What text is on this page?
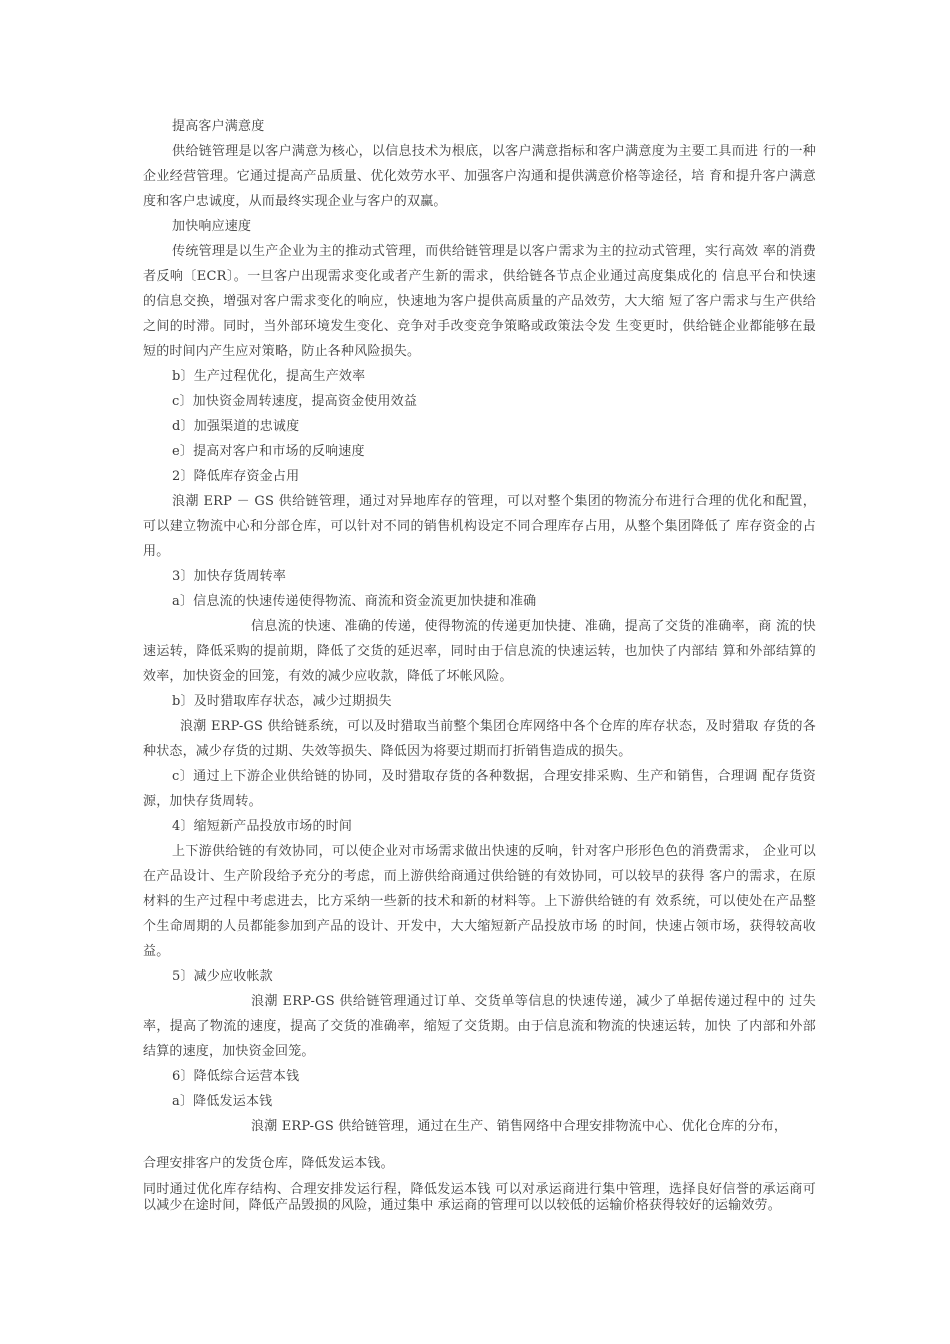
提高客户满意度

供给链管理是以客户满意为核心，以信息技术为根底，以客户满意指标和客户满意度为主要工具而进 行的一种企业经营管理。它通过提高产品质量、优化效劳水平、加强客户沟通和提供满意价格等途径，培 育和提升客户满意度和客户忠诚度，从而最终实现企业与客户的双赢。

加快响应速度

传统管理是以生产企业为主的推动式管理，而供给链管理是以客户需求为主的拉动式管理，实行高效 率的消费者反响〔ECR〕。一旦客户出现需求变化或者产生新的需求，供给链各节点企业通过高度集成化的 信息平台和快速的信息交换，增强对客户需求变化的响应，快速地为客户提供高质量的产品效劳，大大缩 短了客户需求与生产供给之间的时滞。同时，当外部环境发生变化、竞争对手改变竞争策略或政策法令发 生变更时，供给链企业都能够在最短的时间内产生应对策略，防止各种风险损失。

b〕生产过程优化，提高生产效率

c〕加快资金周转速度，提高资金使用效益

d〕加强渠道的忠诚度

e〕提高对客户和市场的反响速度

2〕降低库存资金占用

浪潮 ERP － GS 供给链管理，通过对异地库存的管理，可以对整个集团的物流分布进行合理的优化和配置，可以建立物流中心和分部仓库，可以针对不同的销售机构设定不同合理库存占用，从整个集团降低了 库存资金的占用。

3〕加快存货周转率

a〕信息流的快速传递使得物流、商流和资金流更加快捷和准确

信息流的快速、准确的传递，使得物流的传递更加快捷、准确，提高了交货的准确率，商 流的快速运转，降低采购的提前期，降低了交货的延迟率，同时由于信息流的快速运转，也加快了内部结 算和外部结算的效率，加快资金的回笼，有效的减少应收款，降低了坏帐风险。

b〕及时猎取库存状态，减少过期损失

浪潮 ERP-GS 供给链系统，可以及时猎取当前整个集团仓库网络中各个仓库的库存状态，及时猎取 存货的各种状态，减少存货的过期、失效等损失、降低因为将要过期而打折销售造成的损失。

c〕通过上下游企业供给链的协同，及时猎取存货的各种数据，合理安排采购、生产和销售，合理调 配存货资源，加快存货周转。

4〕缩短新产品投放市场的时间

上下游供给链的有效协同，可以使企业对市场需求做出快速的反响，针对客户形形色色的消费需求， 企业可以在产品设计、生产阶段给予充分的考虑，而上游供给商通过供给链的有效协同，可以较早的获得 客户的需求，在原材料的生产过程中考虑进去，比方采纳一些新的技术和新的材料等。上下游供给链的有 效系统，可以使处在产品整个生命周期的人员都能参加到产品的设计、开发中，大大缩短新产品投放市场 的时间，快速占领市场，获得较高收益。

5〕减少应收帐款

浪潮 ERP-GS 供给链管理通过订单、交货单等信息的快速传递，减少了单据传递过程中的 过失率，提高了物流的速度，提高了交货的准确率，缩短了交货期。由于信息流和物流的快速运转，加快 了内部和外部结算的速度，加快资金回笼。

6〕降低综合运营本钱

a〕降低发运本钱

浪潮 ERP-GS 供给链管理，通过在生产、销售网络中合理安排物流中心、优化仓库的分布，

合理安排客户的发货仓库，降低发运本钱。

同时通过优化库存结构、合理安排发运行程，降低发运本钱 可以对承运商进行集中管理，选择良好信誉的承运商可以减少在途时间，降低产品毁损的风险，通过集中 承运商的管理可以以较低的运输价格获得较好的运输效劳。
